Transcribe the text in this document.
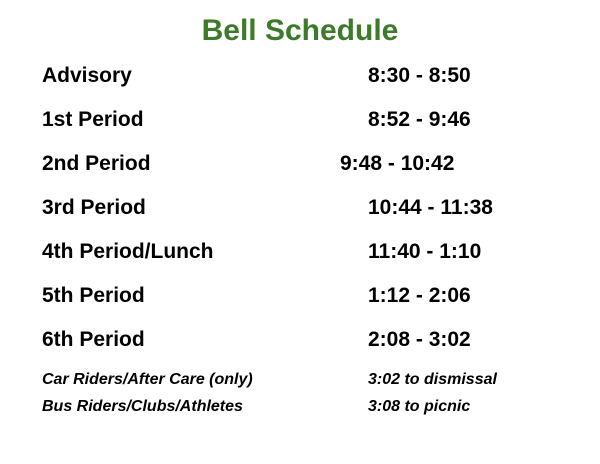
Bell Schedule
Advisory	8:30 - 8:50
1st Period	8:52 - 9:46
2nd Period	9:48 - 10:42
3rd Period	10:44 - 11:38
4th Period/Lunch	11:40 - 1:10
5th Period	1:12 - 2:06
6th Period	2:08 - 3:02
Car Riders/After Care (only)	3:02 to dismissal
Bus Riders/Clubs/Athletes	3:08 to picnic
